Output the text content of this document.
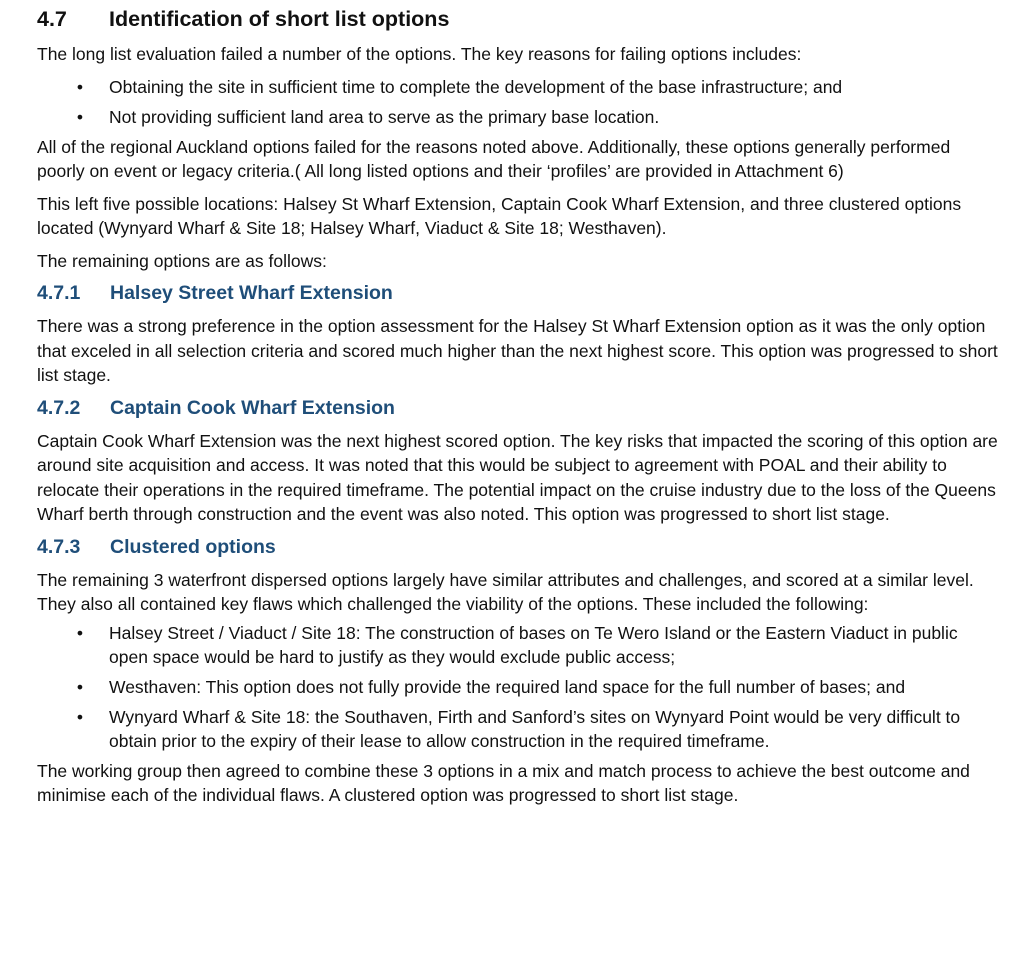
4.7	Identification of short list options

The long list evaluation failed a number of the options. The key reasons for failing options includes:

• Obtaining the site in sufficient time to complete the development of the base infrastructure; and
• Not providing sufficient land area to serve as the primary base location.

All of the regional Auckland options failed for the reasons noted above. Additionally, these options generally performed poorly on event or legacy criteria.( All long listed options and their ‘profiles’ are provided in Attachment 6)

This left five possible locations: Halsey St Wharf Extension, Captain Cook Wharf Extension, and three clustered options located (Wynyard Wharf & Site 18; Halsey Wharf, Viaduct & Site 18; Westhaven).

The remaining options are as follows:

4.7.1	Halsey Street Wharf Extension

There was a strong preference in the option assessment for the Halsey St Wharf Extension option as it was the only option that exceled in all selection criteria and scored much higher than the next highest score. This option was progressed to short list stage.

4.7.2	Captain Cook Wharf Extension

Captain Cook Wharf Extension was the next highest scored option. The key risks that impacted the scoring of this option are around site acquisition and access. It was noted that this would be subject to agreement with POAL and their ability to relocate their operations in the required timeframe. The potential impact on the cruise industry due to the loss of the Queens Wharf berth through construction and the event was also noted. This option was progressed to short list stage.

4.7.3	Clustered options

The remaining 3 waterfront dispersed options largely have similar attributes and challenges, and scored at a similar level. They also all contained key flaws which challenged the viability of the options. These included the following:

• Halsey Street / Viaduct / Site 18: The construction of bases on Te Wero Island or the Eastern Viaduct in public open space would be hard to justify as they would exclude public access;
• Westhaven: This option does not fully provide the required land space for the full number of bases; and
• Wynyard Wharf & Site 18: the Southaven, Firth and Sanford’s sites on Wynyard Point would be very difficult to obtain prior to the expiry of their lease to allow construction in the required timeframe.

The working group then agreed to combine these 3 options in a mix and match process to achieve the best outcome and minimise each of the individual flaws. A clustered option was progressed to short list stage.
